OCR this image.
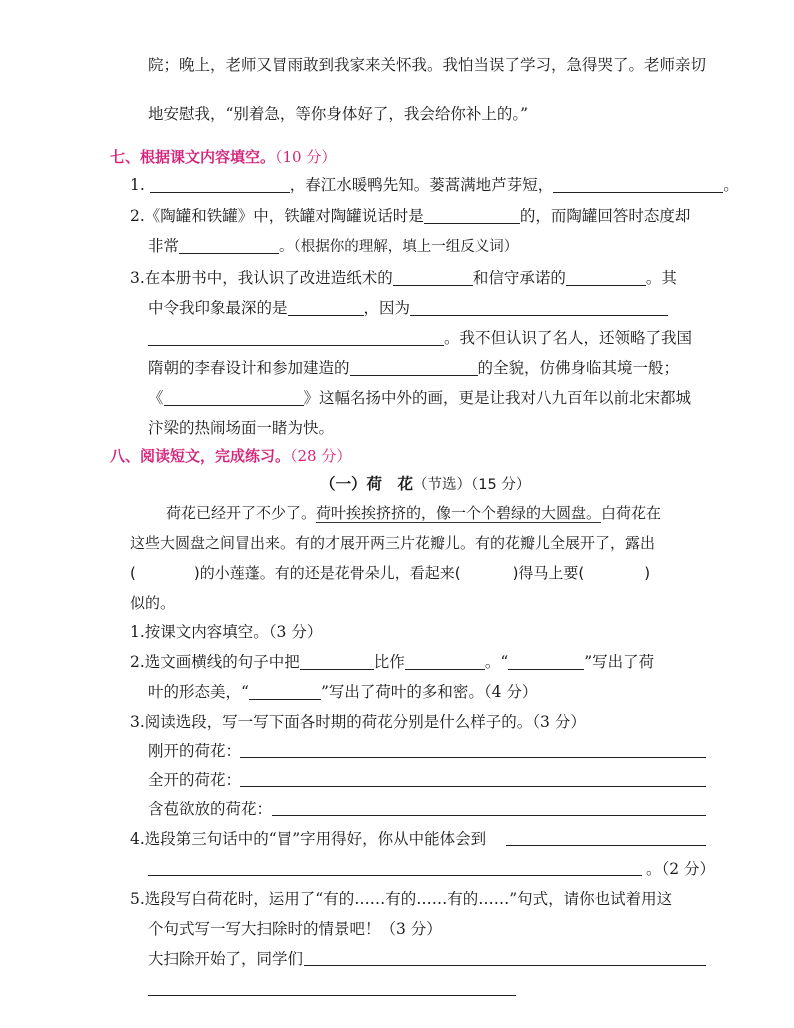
院；晚上，老师又冒雨敢到我家来关怀我。我怕当误了学习，急得哭了。老师亲切
地安慰我，“别着急，等你身体好了，我会给你补上的。”
七、根据课文内容填空。（10 分）
1.	，春江水暖鸭先知。蒌蒿满地芦芽短，	。
2.《陶罐和铁罐》中，铁罐对陶罐说话时是	的，而陶罐回答时态度却
非常	。（根据你的理解，填上一组反义词）
3.在本册书中，我认识了改进造纸术的	和信守承诺的	。其
中令我印象最深的是	，因为
。我不但认识了名人，还领略了我国
隋朝的李春设计和参加建造的	的全貌，仿佛身临其境一般；
《	》这幅名扬中外的画，更是让我对八九百年以前北宋都城
汴梁的热闹场面一睹为快。
八、阅读短文，完成练习。（28 分）
（一）荷　花（节选）（15 分）
荷花已经开了不少了。荷叶挨挨挤挤的，像一个个碧绿的大圆盘。白荷花在
这些大圆盘之间冒出来。有的才展开两三片花瓣儿。有的花瓣儿全展开了，露出
(	)的小莲蓬。有的还是花骨朵儿，看起来(	)得马上要(	)
似的。
1.按课文内容填空。（3 分）
2.选文画横线的句子中把	比作	。“	”写出了荷
叶的形态美，“	”写出了荷叶的多和密。（4 分）
3.阅读选段，写一写下面各时期的荷花分别是什么样子的。（3 分）
刚开的荷花：
全开的荷花：
含苞欲放的荷花：
4.选段第三句话中的“冒”字用得好，你从中能体会到
。（2 分）
5.选段写白荷花时，运用了“有的……有的……有的……”句式，请你也试着用这
个句式写一写大扫除时的情景吧！（3 分）
大扫除开始了，同学们
